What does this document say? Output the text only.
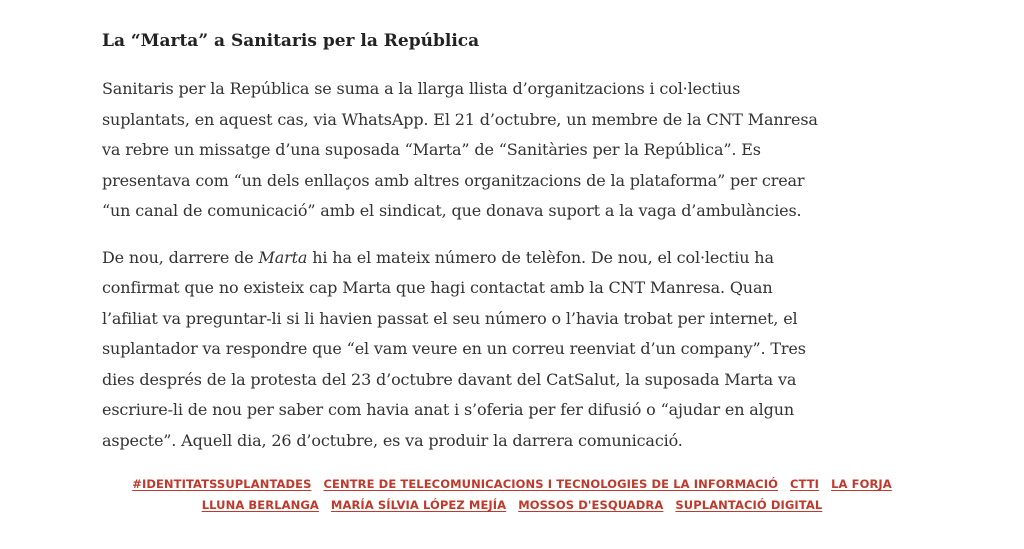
La “Marta” a Sanitaris per la República

Sanitaris per la República se suma a la llarga llista d’organitzacions i col·lectius
suplantats, en aquest cas, via WhatsApp. El 21 d’octubre, un membre de la CNT Manresa
va rebre un missatge d’una suposada “Marta” de “Sanitàries per la República”. Es
presentava com “un dels enllaços amb altres organitzacions de la plataforma” per crear
“un canal de comunicació” amb el sindicat, que donava suport a la vaga d’ambulàncies.

De nou, darrere de Marta hi ha el mateix número de telèfon. De nou, el col·lectiu ha
confirmat que no existeix cap Marta que hagi contactat amb la CNT Manresa. Quan
l’afiliat va preguntar-li si li havien passat el seu número o l’havia trobat per internet, el
suplantador va respondre que “el vam veure en un correu reenviat d’un company”. Tres
dies després de la protesta del 23 d’octubre davant del CatSalut, la suposada Marta va
escriure-li de nou per saber com havia anat i s’oferia per fer difusió o “ajudar en algun
aspecte”. Aquell dia, 26 d’octubre, es va produir la darrera comunicació.

#IDENTITATSSUPLANTADES CENTRE DE TELECOMUNICACIONS I TECNOLOGIES DE LA INFORMACIÓ CTTI LA FORJA
LLUNA BERLANGA MARÍA SÍLVIA LÓPEZ MEJÍA MOSSOS D'ESQUADRA SUPLANTACIÓ DIGITAL
